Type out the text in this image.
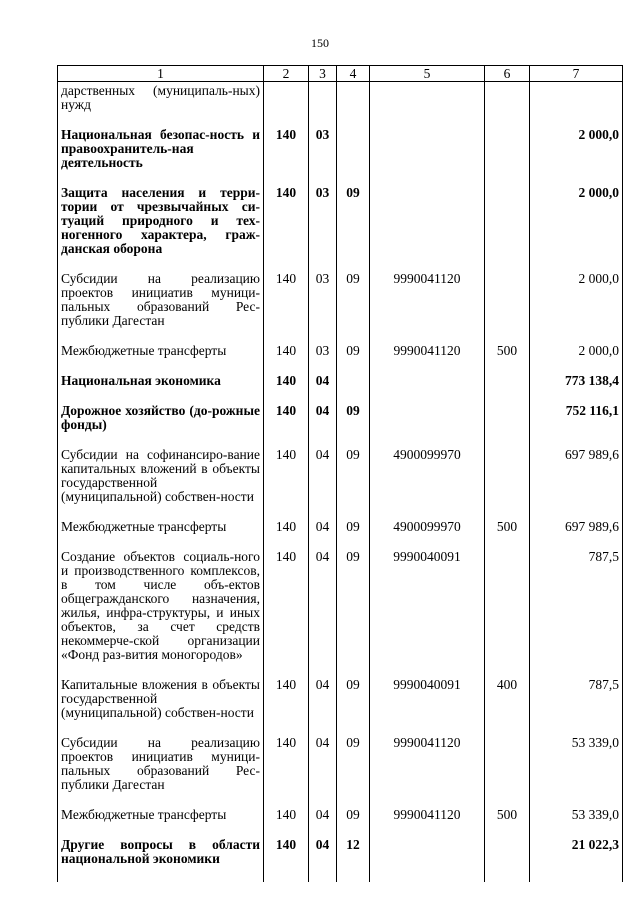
150
1	2	3	4	5	6	7
дарственных (муниципаль-ных) нужд						
Национальная безопас-ность и правоохранитель-ная деятельность	140	03				2 000,0
Защита населения и терри-тории от чрезвычайных си-туаций природного и тех-ногенного характера, граж-данская оборона	140	03	09			2 000,0
Субсидии на реализацию проектов инициатив муници-пальных образований Рес-публики Дагестан	140	03	09	9990041120		2 000,0
Межбюджетные трансферты	140	03	09	9990041120	500	2 000,0
Национальная экономика	140	04				773 138,4
Дорожное хозяйство (до-рожные фонды)	140	04	09			752 116,1
Субсидии на софинансиро-вание капитальных вложений в объекты государственной (муниципальной) собствен-ности	140	04	09	4900099970		697 989,6
Межбюджетные трансферты	140	04	09	4900099970	500	697 989,6
Создание объектов социаль-ного и производственного комплексов, в том числе объ-ектов общегражданского назначения, жилья, инфра-структуры, и иных объектов, за счет средств некоммерче-ской организации «Фонд раз-вития моногородов»	140	04	09	9990040091		787,5
Капитальные вложения в объекты государственной (муниципальной) собствен-ности	140	04	09	9990040091	400	787,5
Субсидии на реализацию проектов инициатив муници-пальных образований Рес-публики Дагестан	140	04	09	9990041120		53 339,0
Межбюджетные трансферты	140	04	09	9990041120	500	53 339,0
Другие вопросы в области национальной экономики	140	04	12			21 022,3
